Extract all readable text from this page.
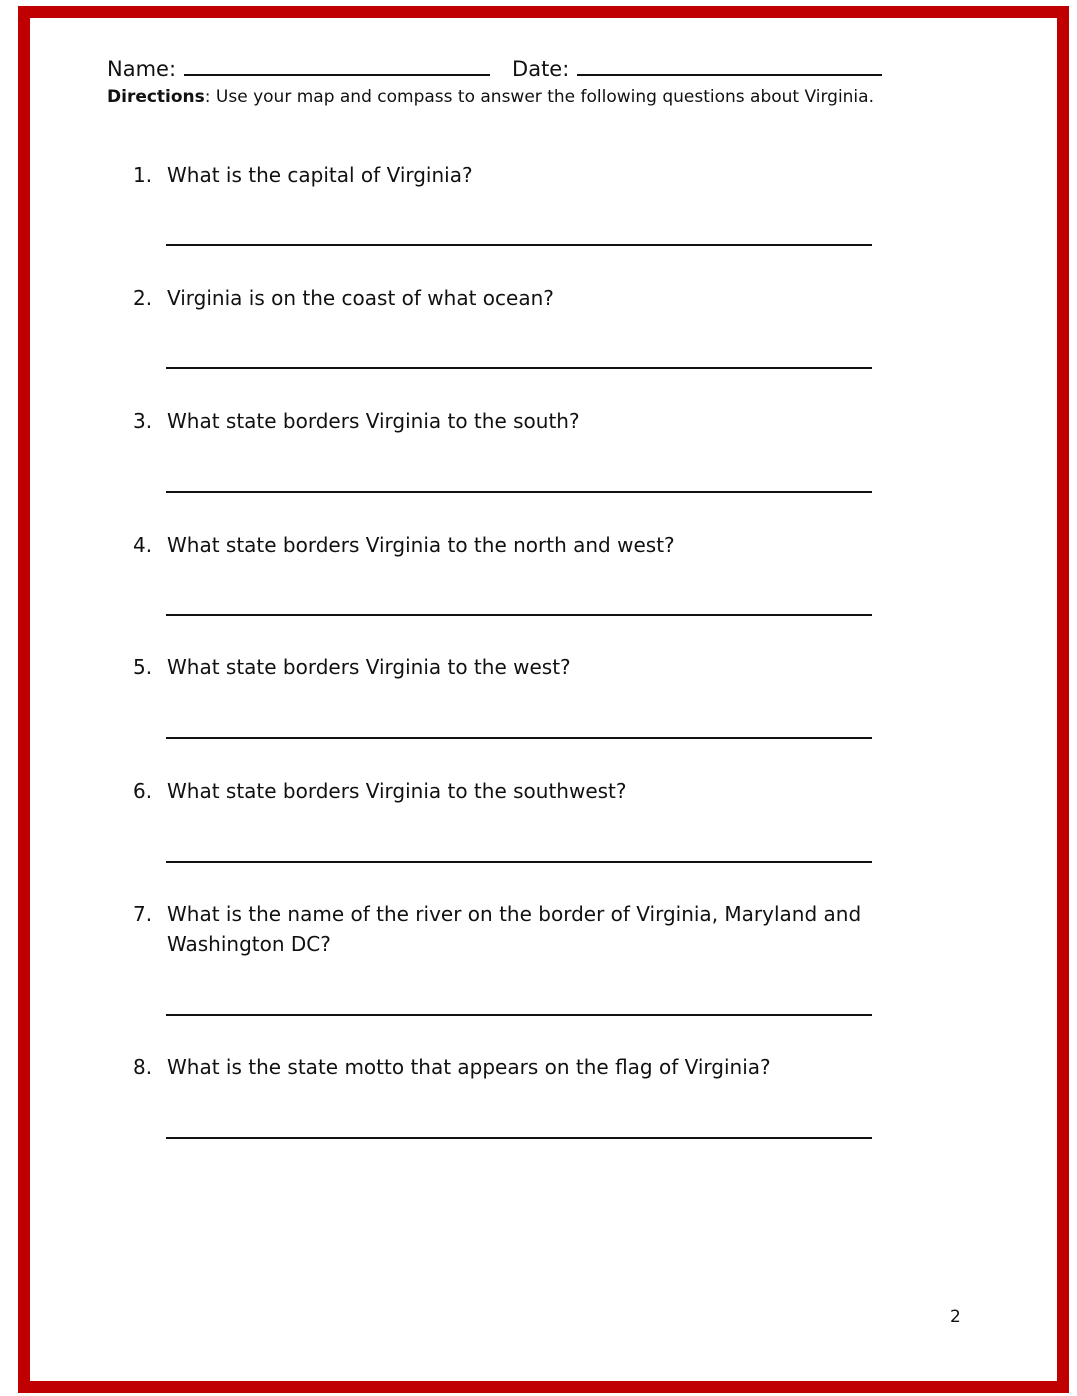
Name:	Date:
Directions: Use your map and compass to answer the following questions about Virginia.
1. What is the capital of Virginia?
2. Virginia is on the coast of what ocean?
3. What state borders Virginia to the south?
4. What state borders Virginia to the north and west?
5. What state borders Virginia to the west?
6. What state borders Virginia to the southwest?
7. What is the name of the river on the border of Virginia, Maryland and Washington DC?
8. What is the state motto that appears on the flag of Virginia?
2
